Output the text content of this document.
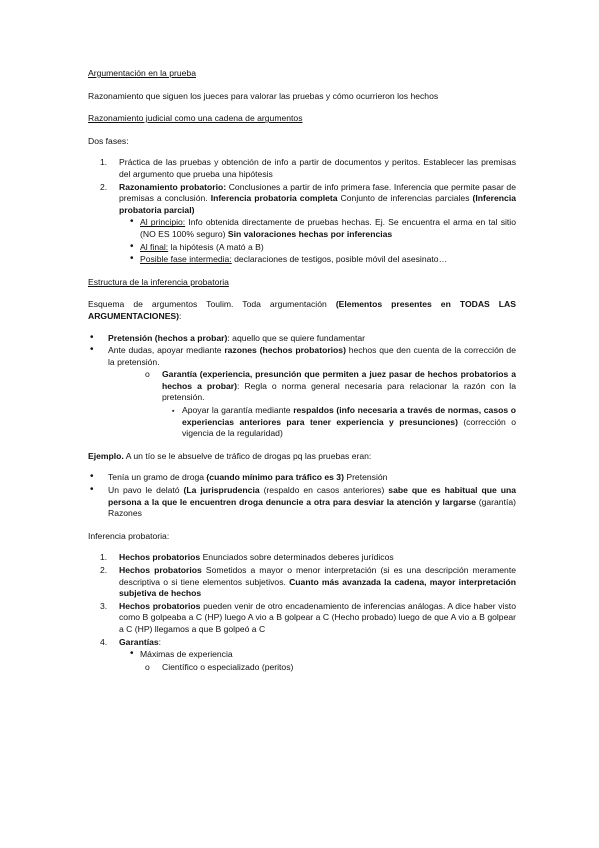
Argumentación en la prueba

Razonamiento que siguen los jueces para valorar las pruebas y cómo ocurrieron los hechos

Razonamiento judicial como una cadena de argumentos

Dos fases:

1. Práctica de las pruebas y obtención de info a partir de documentos y peritos. Establecer las premisas del argumento que prueba una hipótesis
2. Razonamiento probatorio: Conclusiones a partir de info primera fase. Inferencia que permite pasar de premisas a conclusión. Inferencia probatoria completa Conjunto de inferencias parciales (Inferencia probatoria parcial)
• Al principio: Info obtenida directamente de pruebas hechas. Ej. Se encuentra el arma en tal sitio (NO ES 100% seguro) Sin valoraciones hechas por inferencias
• Al final: la hipótesis (A mató a B)
• Posible fase intermedia: declaraciones de testigos, posible móvil del asesinato…

Estructura de la inferencia probatoria

Esquema de argumentos Toulim. Toda argumentación (Elementos presentes en TODAS LAS ARGUMENTACIONES):

• Pretensión (hechos a probar): aquello que se quiere fundamentar
• Ante dudas, apoyar mediante razones (hechos probatorios) hechos que den cuenta de la corrección de la pretensión.
o Garantía (experiencia, presunción que permiten a juez pasar de hechos probatorios a hechos a probar): Regla o norma general necesaria para relacionar la razón con la pretensión.
▪ Apoyar la garantía mediante respaldos (info necesaria a través de normas, casos o experiencias anteriores para tener experiencia y presunciones) (corrección o vigencia de la regularidad)

Ejemplo. A un tío se le absuelve de tráfico de drogas pq las pruebas eran:

• Tenía un gramo de droga (cuando mínimo para tráfico es 3) Pretensión
• Un pavo le delató (La jurisprudencia (respaldo en casos anteriores) sabe que es habitual que una persona a la que le encuentren droga denuncie a otra para desviar la atención y largarse (garantía) Razones

Inferencia probatoria:

1. Hechos probatorios Enunciados sobre determinados deberes jurídicos
2. Hechos probatorios Sometidos a mayor o menor interpretación (si es una descripción meramente descriptiva o si tiene elementos subjetivos. Cuanto más avanzada la cadena, mayor interpretación subjetiva de hechos
3. Hechos probatorios pueden venir de otro encadenamiento de inferencias análogas. A dice haber visto como B golpeaba a C (HP) luego A vio a B golpear a C (Hecho probado) luego de que A vio a B golpear a C (HP) llegamos a que B golpeó a C
4. Garantías:
• Máximas de experiencia
o Científico o especializado (peritos)
